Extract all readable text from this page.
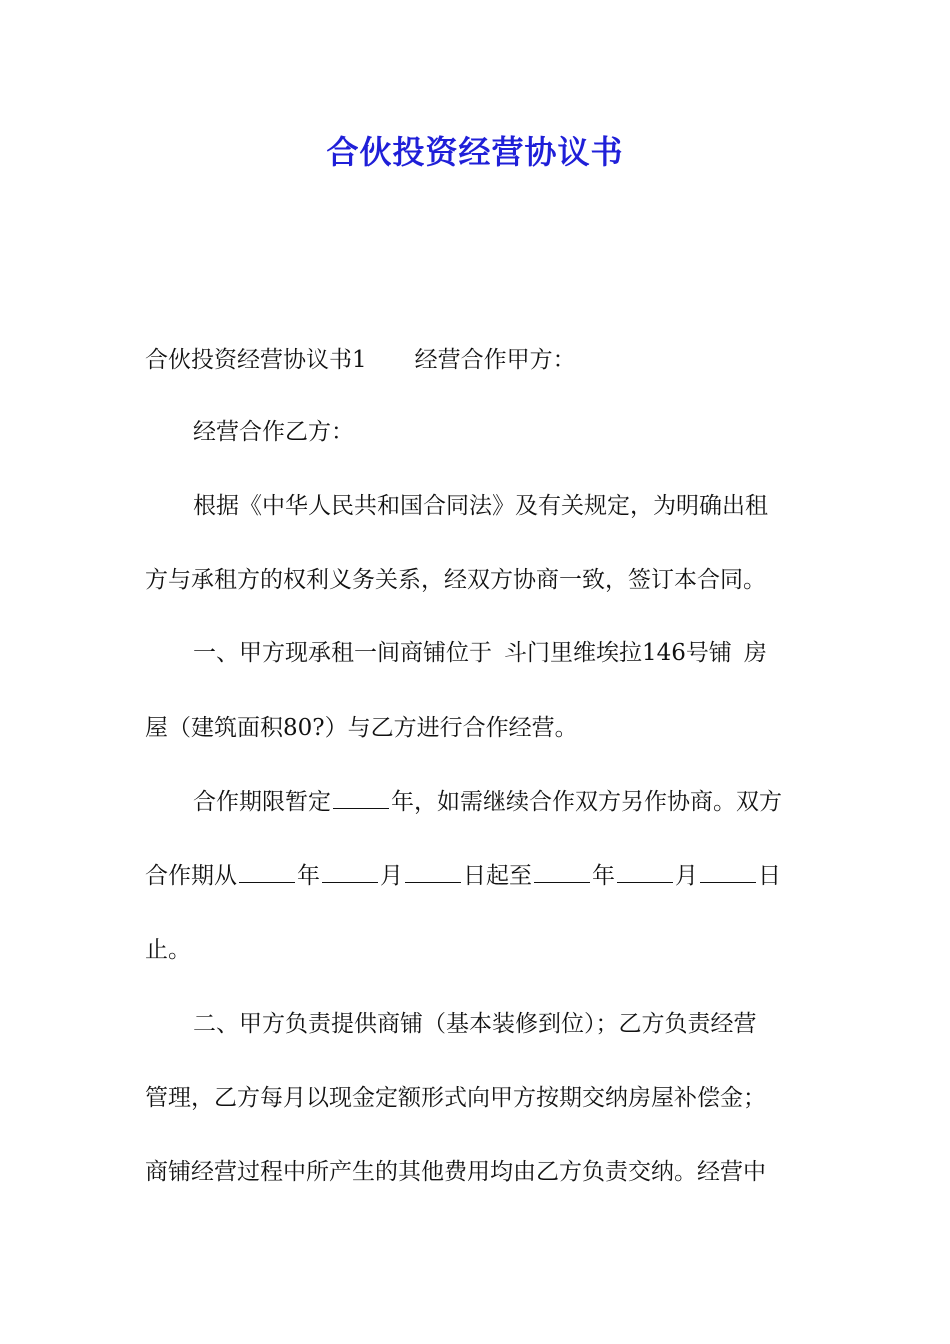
合伙投资经营协议书
合伙投资经营协议书1 经营合作甲方：
经营合作乙方：
根据《中华人民共和国合同法》及有关规定，为明确出租
方与承租方的权利义务关系，经双方协商一致，签订本合同。
一、甲方现承租一间商铺位于 斗门里维埃拉146号铺 房
屋（建筑面积80?）与乙方进行合作经营。
合作期限暂定	年，如需继续合作双方另作协商。双方
合作期从	年	月	日起至	年	月	日
止。
二、甲方负责提供商铺（基本装修到位）；乙方负责经营
管理，乙方每月以现金定额形式向甲方按期交纳房屋补偿金；
商铺经营过程中所产生的其他费用均由乙方负责交纳。经营中
